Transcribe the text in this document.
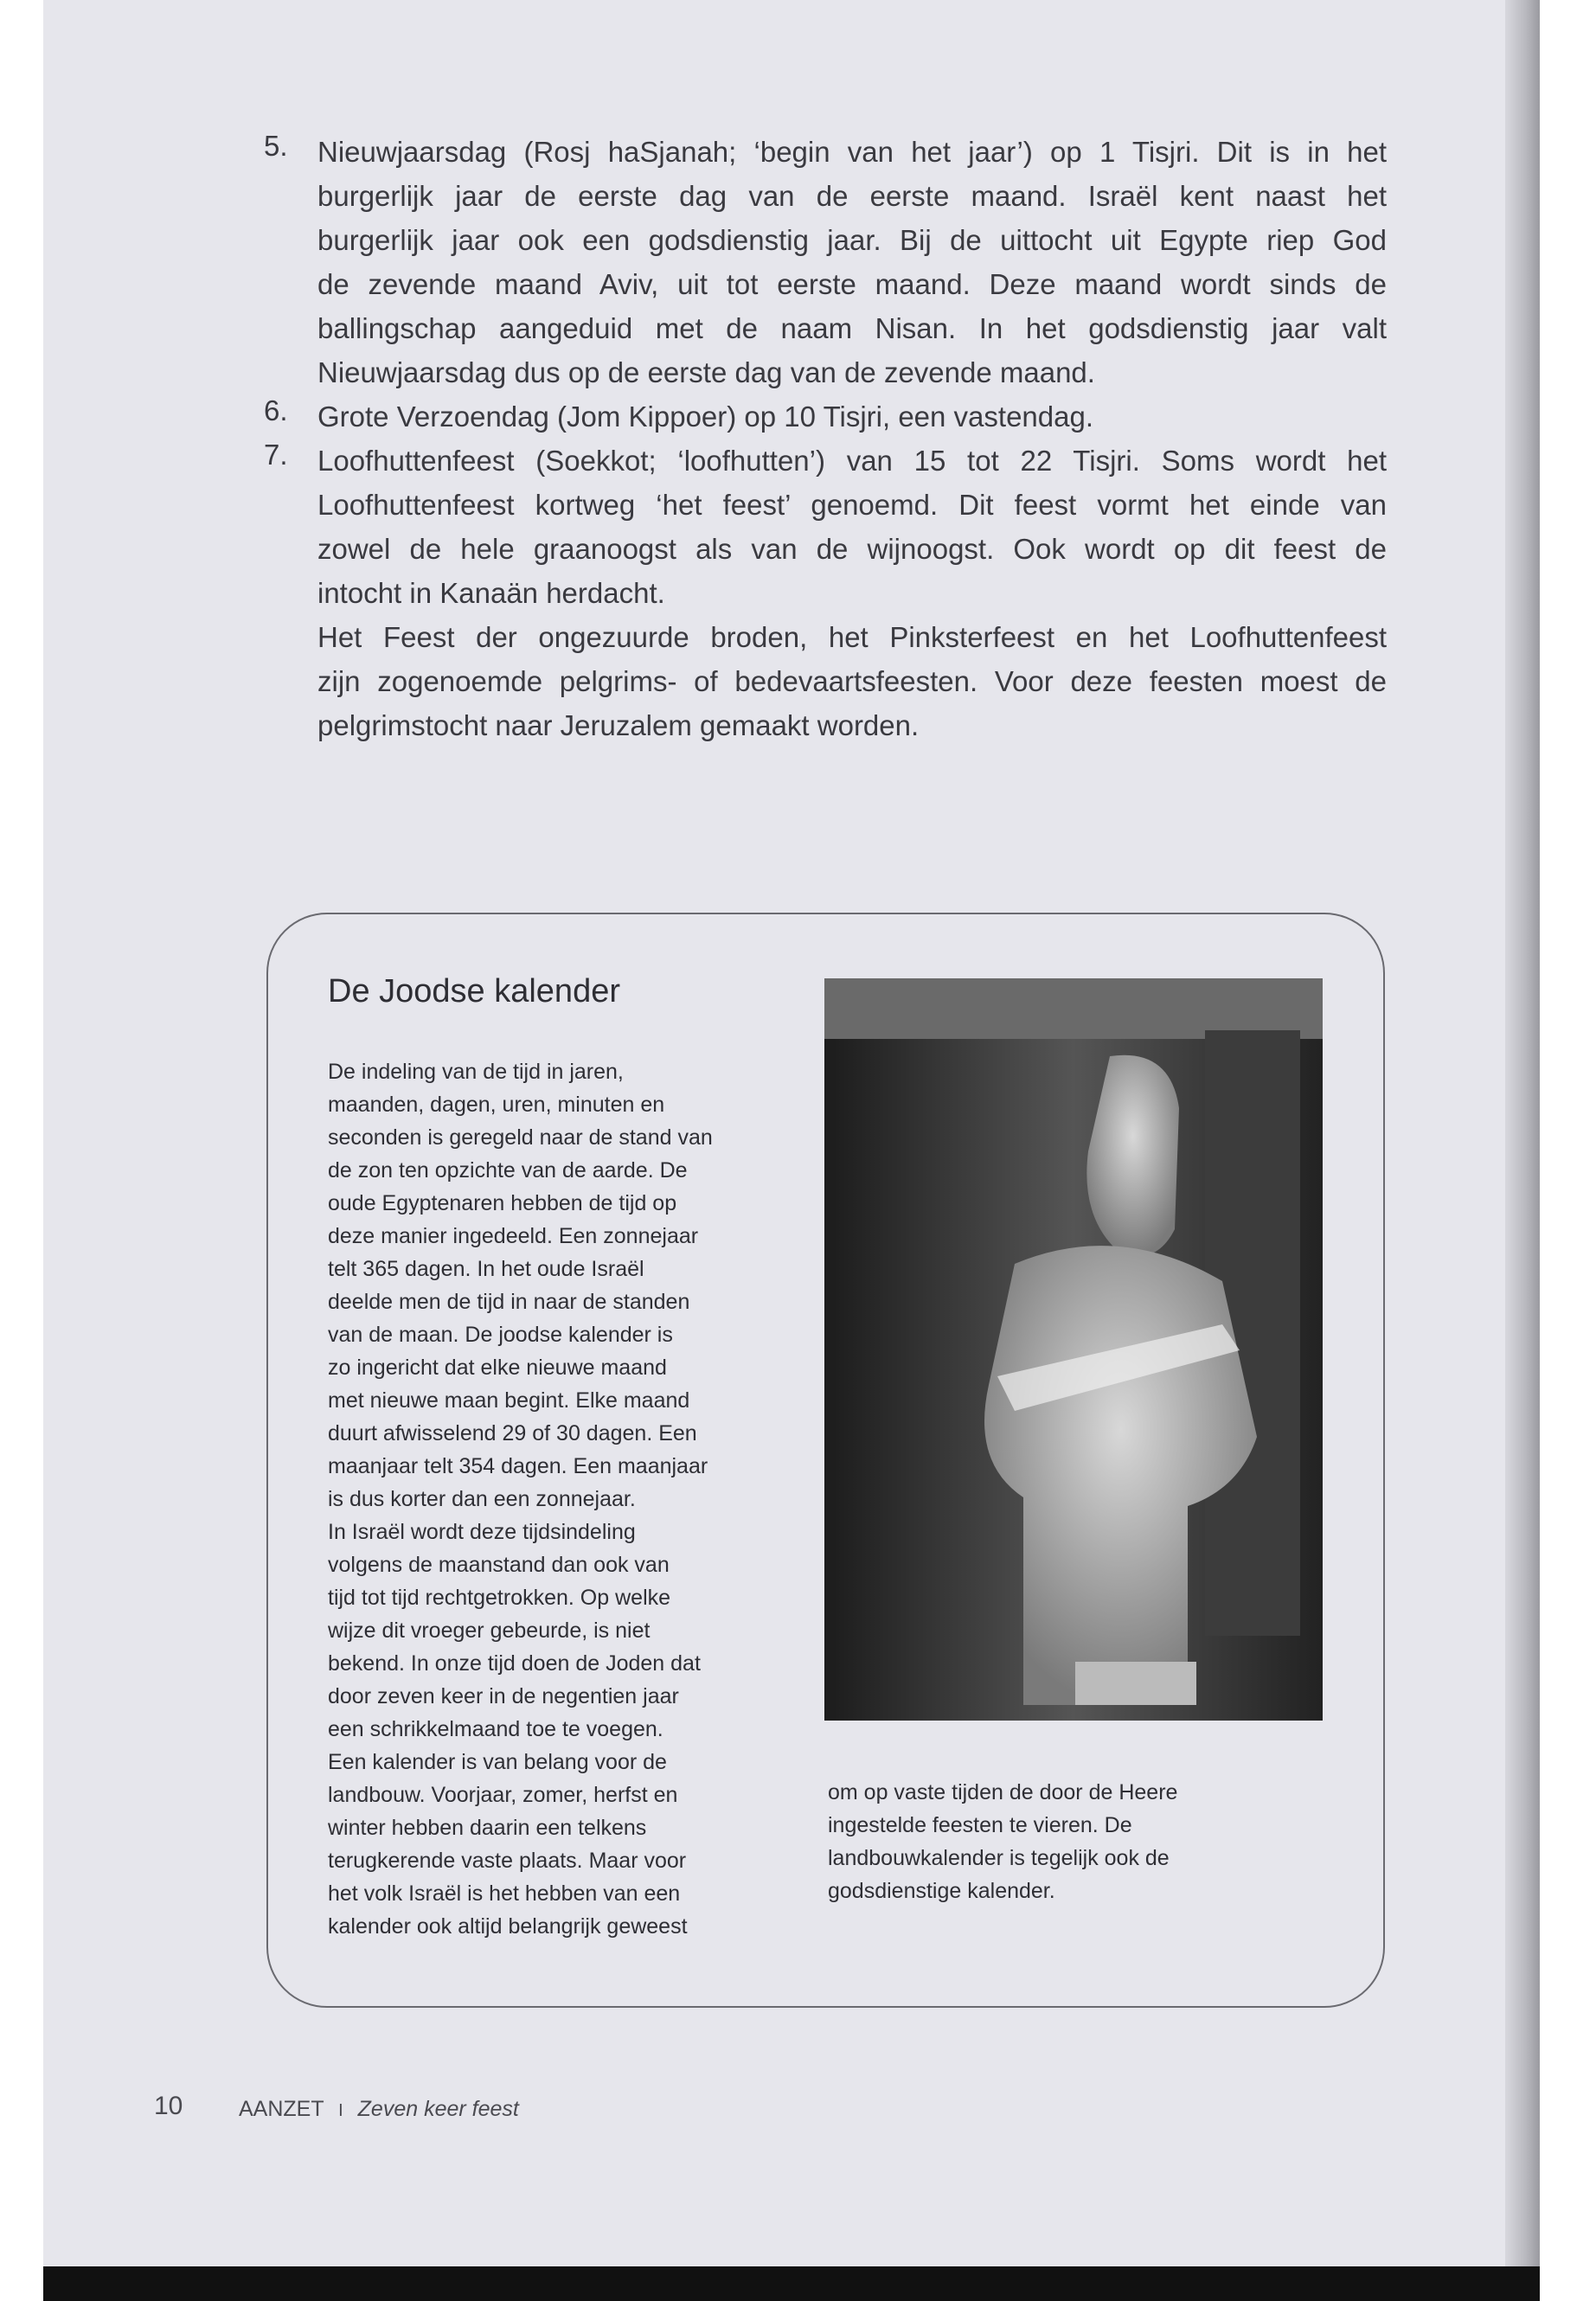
5. Nieuwjaarsdag (Rosj haSjanah; ‘begin van het jaar’) op 1 Tisjri. Dit is in het
burgerlijk jaar de eerste dag van de eerste maand. Israël kent naast het
burgerlijk jaar ook een godsdienstig jaar. Bij de uittocht uit Egypte riep God
de zevende maand Aviv, uit tot eerste maand. Deze maand wordt sinds de
ballingschap aangeduid met de naam Nisan. In het godsdienstig jaar valt
Nieuwjaarsdag dus op de eerste dag van de zevende maand.
6. Grote Verzoendag (Jom Kippoer) op 10 Tisjri, een vastendag.
7. Loofhuttenfeest (Soekkot; ‘loofhutten’) van 15 tot 22 Tisjri. Soms wordt het
Loofhuttenfeest kortweg ‘het feest’ genoemd. Dit feest vormt het einde van
zowel de hele graanoogst als van de wijnoogst. Ook wordt op dit feest de
intocht in Kanaän herdacht.
Het Feest der ongezuurde broden, het Pinksterfeest en het Loofhuttenfeest
zijn zogenoemde pelgrims- of bedevaartsfeesten. Voor deze feesten moest de
pelgrimstocht naar Jeruzalem gemaakt worden.
De Joodse kalender
De indeling van de tijd in jaren,
maanden, dagen, uren, minuten en
seconden is geregeld naar de stand van
de zon ten opzichte van de aarde. De
oude Egyptenaren hebben de tijd op
deze manier ingedeeld. Een zonnejaar
telt 365 dagen. In het oude Israël
deelde men de tijd in naar de standen
van de maan. De joodse kalender is
zo ingericht dat elke nieuwe maand
met nieuwe maan begint. Elke maand
duurt afwisselend 29 of 30 dagen. Een
maanjaar telt 354 dagen. Een maanjaar
is dus korter dan een zonnejaar.
In Israël wordt deze tijdsindeling
volgens de maanstand dan ook van
tijd tot tijd rechtgetrokken. Op welke
wijze dit vroeger gebeurde, is niet
bekend. In onze tijd doen de Joden dat
door zeven keer in de negentien jaar
een schrikkelmaand toe te voegen.
Een kalender is van belang voor de
landbouw. Voorjaar, zomer, herfst en
winter hebben daarin een telkens
terugkerende vaste plaats. Maar voor
het volk Israël is het hebben van een
kalender ook altijd belangrijk geweest
om op vaste tijden de door de Heere
ingestelde feesten te vieren. De
landbouwkalender is tegelijk ook de
godsdienstige kalender.
10	AANZET I Zeven keer feest
